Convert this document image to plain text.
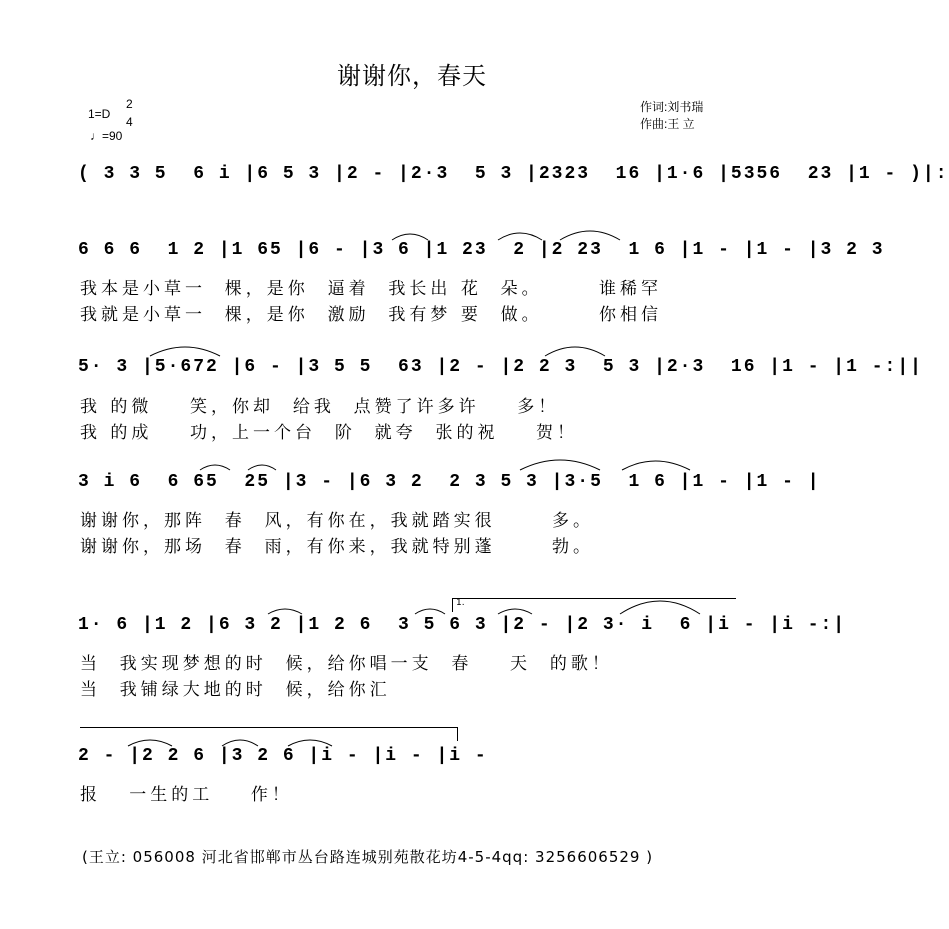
谢谢你，春天
1=D
2
4
♩=90
作词:刘书瑞
作曲:王 立
( 3 3 5  6 i |6 5 3 |2 - |2·3  5 3 |2323  16 |1·6 |5356  23 |1 - )|:
6 6 6  1 2 |1 65 |6 - |3 6 |1 23  2 |2 23  1 6 |1 - |1 - |3 2 3
我本是小草一  棵，是你  逼着  我长出 花  朵。      谁稀罕
我就是小草一  棵，是你  激励  我有梦 要  做。      你相信
5· 3 |5·672 |6 - |3 5 5  63 |2 - |2 2 3  5 3 |2·3  16 |1 - |1 -:||
我 的微    笑，你却  给我  点赞了许多许    多！
我 的成    功，上一个台  阶  就夸  张的祝    贺！
3 i 6  6 65  25 |3 - |6 3 2  2 3 5 3 |3·5  1 6 |1 - |1 - |
谢谢你，那阵  春  风，有你在，我就踏实很      多。
谢谢你，那场  春  雨，有你来，我就特别蓬      勃。
1.
1· 6 |1 2 |6 3 2 |1 2 6  3 5 6 3 |2 - |2 3· i  6 |i - |i -:|
当  我实现梦想的时  候，给你唱一支  春    天  的歌！
当  我铺绿大地的时  候，给你汇
2 - |2 2 6 |3 2 6 |i - |i - |i -
报   一生的工    作！
(王立: 056008 河北省邯郸市丛台路连城别苑散花坊4-5-4qq: 3256606529 )
